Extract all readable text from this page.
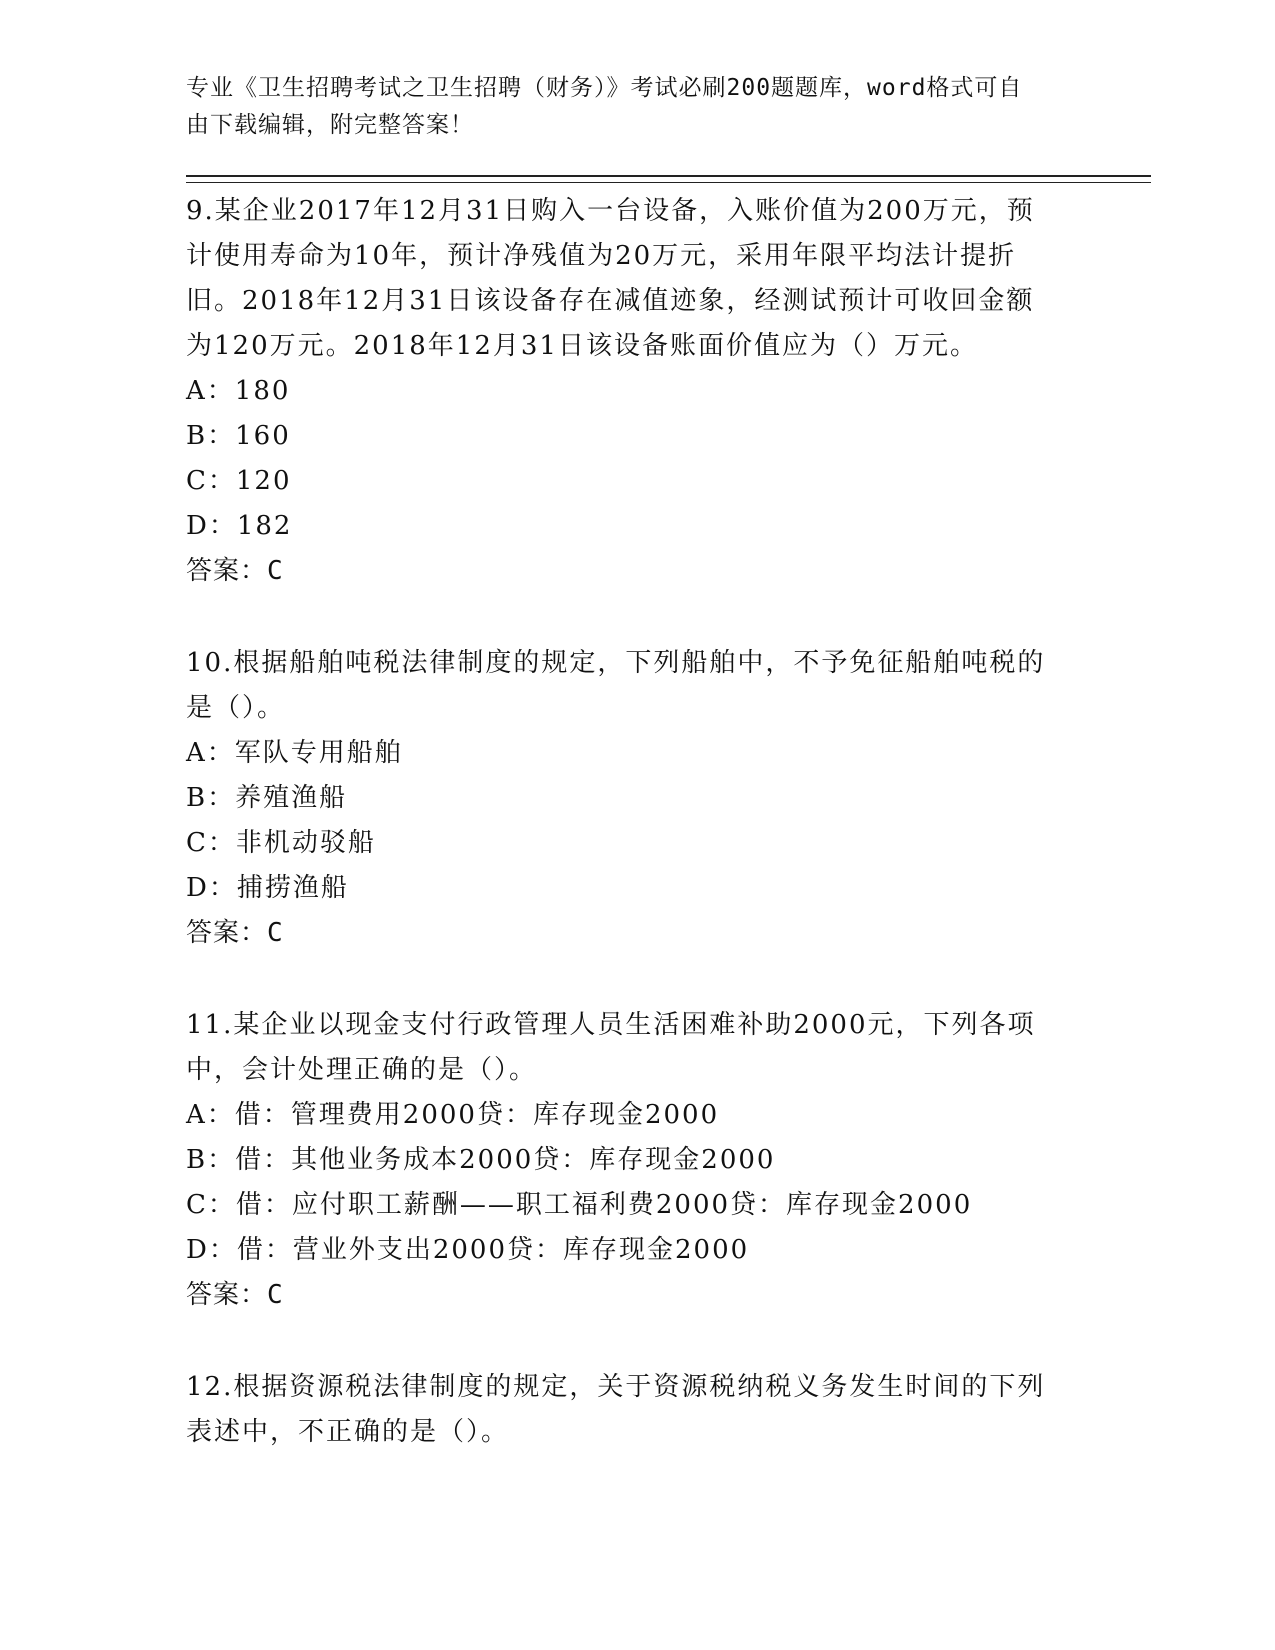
专业《卫生招聘考试之卫生招聘（财务）》考试必刷200题题库，word格式可自
由下载编辑，附完整答案！
9.某企业2017年12月31日购入一台设备，入账价值为200万元，预
计使用寿命为10年，预计净残值为20万元，采用年限平均法计提折
旧。2018年12月31日该设备存在减值迹象，经测试预计可收回金额
为120万元。2018年12月31日该设备账面价值应为（）万元。
A：180
B：160
C：120
D：182
答案：C
10.根据船舶吨税法律制度的规定，下列船舶中，不予免征船舶吨税的
是（）。
A：军队专用船舶
B：养殖渔船
C：非机动驳船
D：捕捞渔船
答案：C
11.某企业以现金支付行政管理人员生活困难补助2000元，下列各项
中，会计处理正确的是（）。
A：借：管理费用2000贷：库存现金2000
B：借：其他业务成本2000贷：库存现金2000
C：借：应付职工薪酬——职工福利费2000贷：库存现金2000
D：借：营业外支出2000贷：库存现金2000
答案：C
12.根据资源税法律制度的规定，关于资源税纳税义务发生时间的下列
表述中，不正确的是（）。
